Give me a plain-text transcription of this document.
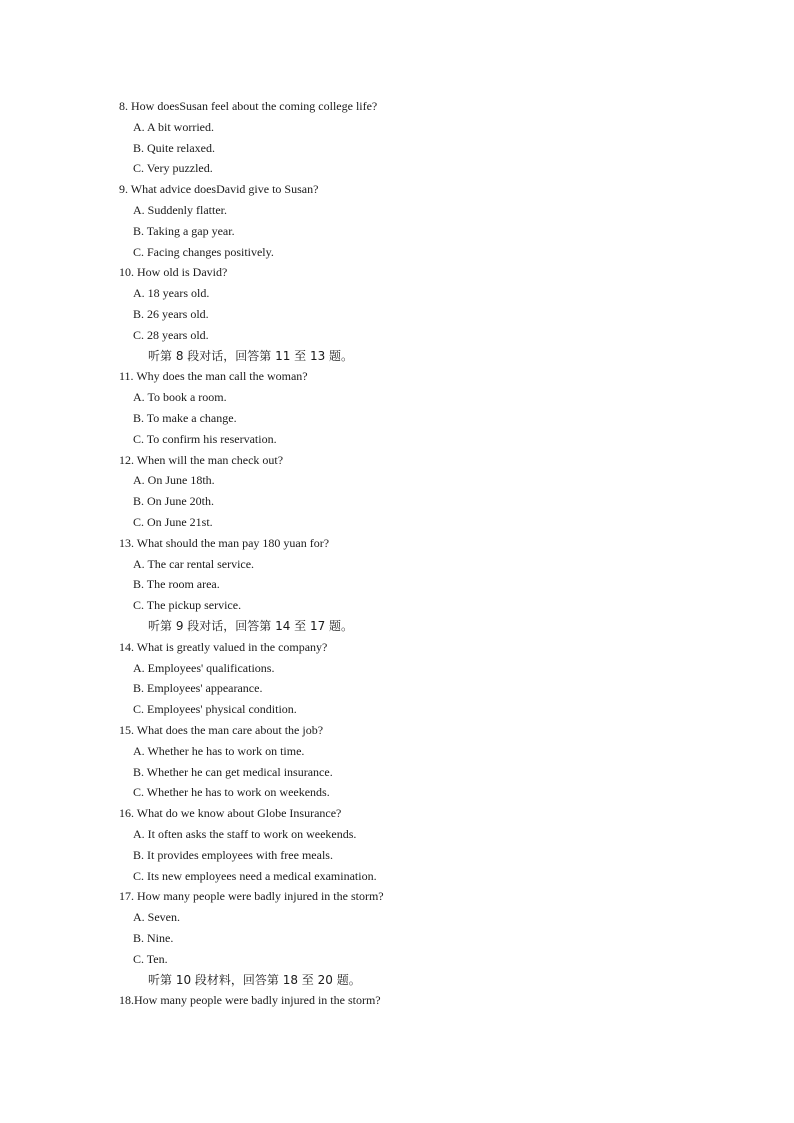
8. How doesSusan feel about the coming college life?
A. A bit worried.
B. Quite relaxed.
C. Very puzzled.
9. What advice doesDavid give to Susan?
A. Suddenly flatter.
B. Taking a gap year.
C. Facing changes positively.
10. How old is David?
A. 18 years old.
B. 26 years old.
C. 28 years old.
听第 8 段对话，回答第 11 至 13 题。
11. Why does the man call the woman?
A. To book a room.
B. To make a change.
C. To confirm his reservation.
12. When will the man check out?
A. On June 18th.
B. On June 20th.
C. On June 21st.
13. What should the man pay 180 yuan for?
A. The car rental service.
B. The room area.
C. The pickup service.
听第 9 段对话，回答第 14 至 17 题。
14. What is greatly valued in the company?
A. Employees' qualifications.
B. Employees' appearance.
C. Employees' physical condition.
15. What does the man care about the job?
A. Whether he has to work on time.
B. Whether he can get medical insurance.
C. Whether he has to work on weekends.
16. What do we know about Globe Insurance?
A. It often asks the staff to work on weekends.
B. It provides employees with free meals.
C. Its new employees need a medical examination.
17. How many people were badly injured in the storm?
A. Seven.
B. Nine.
C. Ten.
听第 10 段材料，回答第 18 至 20 题。
18.How many people were badly injured in the storm?
